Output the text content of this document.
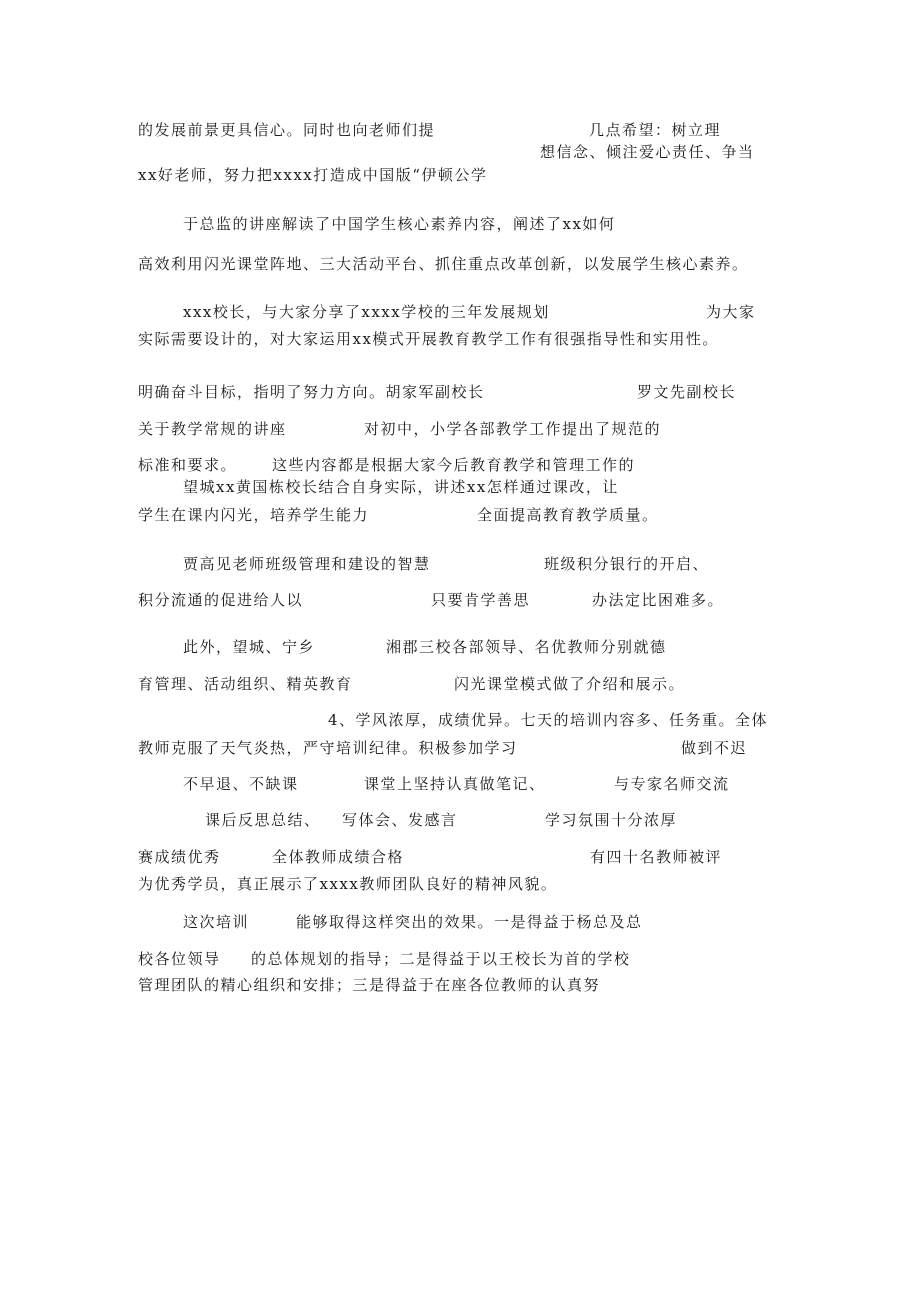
的发展前景更具信心。同时也向老师们提	几点希望：树立理
想信念、倾注爱心责任、争当
xx好老师，努力把xxxx打造成中国版“伊顿公学
于总监的讲座解读了中国学生核心素养内容，阐述了xx如何
高效利用闪光课堂阵地、三大活动平台、抓住重点改革创新，以发展学生核心素养。
xxx校长，与大家分享了xxxx学校的三年发展规划	为大家
实际需要设计的，对大家运用xx模式开展教育教学工作有很强指导性和实用性。
明确奋斗目标，指明了努力方向。胡家军副校长	罗文先副校长
关于教学常规的讲座	对初中，小学各部教学工作提出了规范的
标准和要求。 这些内容都是根据大家今后教育教学和管理工作的
望城xx黄国栋校长结合自身实际，讲述xx怎样通过课改，让
学生在课内闪光，培养学生能力	全面提高教育教学质量。
贾高见老师班级管理和建设的智慧	班级积分银行的开启、
积分流通的促进给人以	只要肯学善思	办法定比困难多。
此外，望城、宁乡	湘郡三校各部领导、名优教师分别就德
育管理、活动组织、精英教育	闪光课堂模式做了介绍和展示。
4、学风浓厚，成绩优异。七天的培训内容多、任务重。全体
教师克服了天气炎热，严守培训纪律。积极参加学习	做到不迟
不早退、不缺课	课堂上坚持认真做笔记、	与专家名师交流
课后反思总结、 写体会、发感言	学习氛围十分浓厚
赛成绩优秀	全体教师成绩合格	有四十名教师被评
为优秀学员，真正展示了xxxx教师团队良好的精神风貌。
这次培训	能够取得这样突出的效果。一是得益于杨总及总
校各位领导 的总体规划的指导；二是得益于以王校长为首的学校
管理团队的精心组织和安排；三是得益于在座各位教师的认真努
